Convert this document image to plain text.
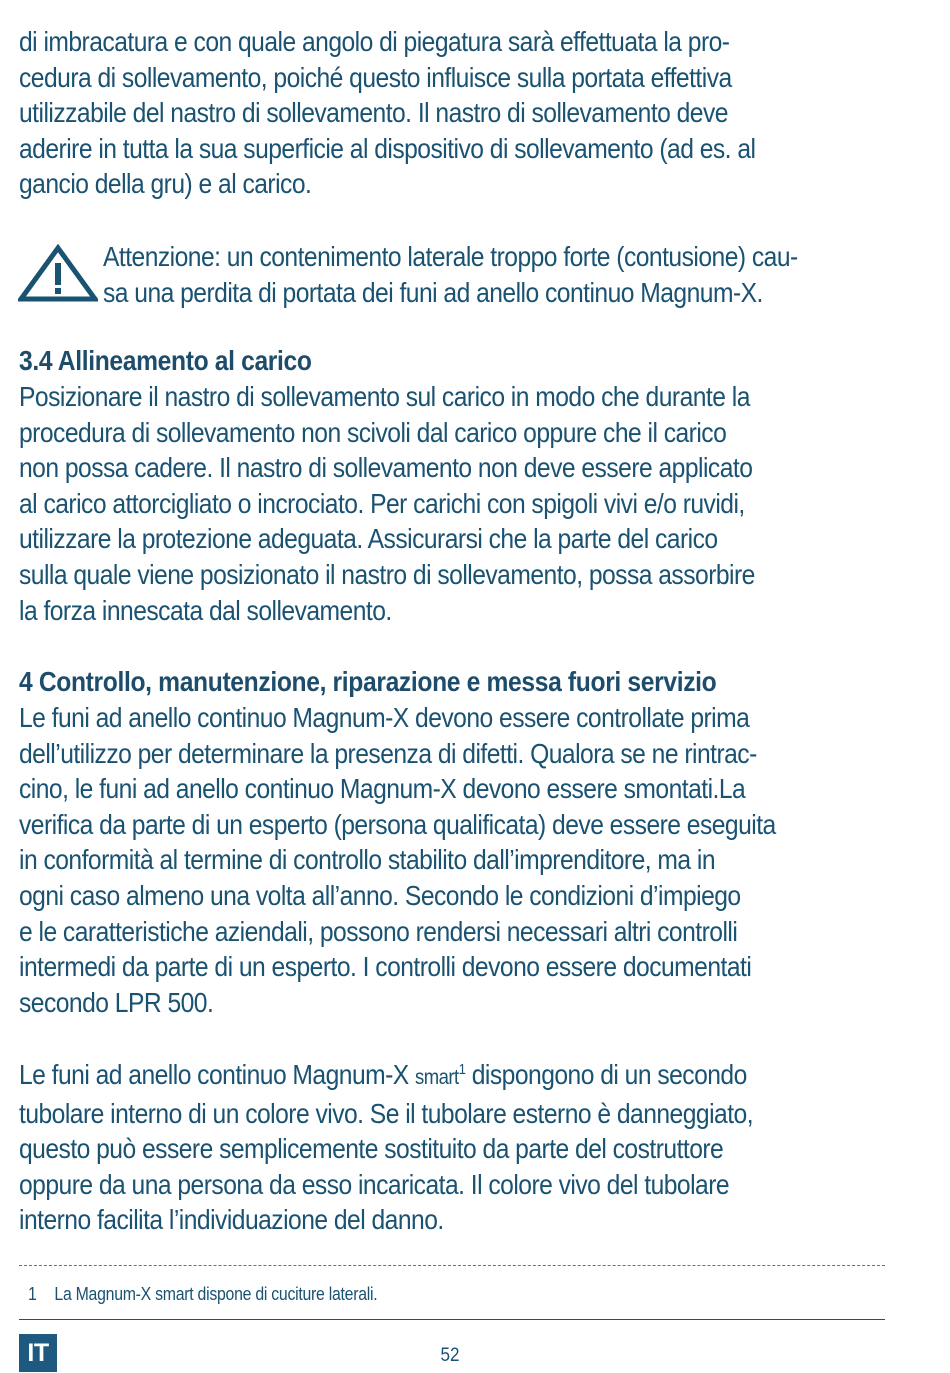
di imbracatura e con quale angolo di piegatura sarà effettuata la pro-
cedura di sollevamento, poiché questo influisce sulla portata effettiva
utilizzabile del nastro di sollevamento. Il nastro di sollevamento deve
aderire in tutta la sua superficie al dispositivo di sollevamento (ad es. al
gancio della gru) e al carico.
Attenzione: un contenimento laterale troppo forte (contusione) cau-
sa una perdita di portata dei funi ad anello continuo Magnum-X.
3.4 Allineamento al carico
Posizionare il nastro di sollevamento sul carico in modo che durante la
procedura di sollevamento non scivoli dal carico oppure che il carico
non possa cadere. Il nastro di sollevamento non deve essere applicato
al carico attorcigliato o incrociato. Per carichi con spigoli vivi e/o ruvidi,
utilizzare la protezione adeguata. Assicurarsi che la parte del carico
sulla quale viene posizionato il nastro di sollevamento, possa assorbire
la forza innescata dal sollevamento.
4 Controllo, manutenzione, riparazione e messa fuori servizio
Le funi ad anello continuo Magnum-X devono essere controllate prima
dell’utilizzo per determinare la presenza di difetti. Qualora se ne rintrac-
cino, le funi ad anello continuo Magnum-X devono essere smontati.La
verifica da parte di un esperto (persona qualificata) deve essere eseguita
in conformità al termine di controllo stabilito dall’imprenditore, ma in
ogni caso almeno una volta all’anno. Secondo le condizioni d’impiego
e le caratteristiche aziendali, possono rendersi necessari altri controlli
intermedi da parte di un esperto. I controlli devono essere documentati
secondo LPR 500.
Le funi ad anello continuo Magnum-X smart$^1$ dispongono di un secondo
tubolare interno di un colore vivo. Se il tubolare esterno è danneggiato,
questo può essere semplicemente sostituito da parte del costruttore
oppure da una persona da esso incaricata. Il colore vivo del tubolare
interno facilita l’individuazione del danno.
1 La Magnum-X smart dispone di cuciture laterali.
IT	52
